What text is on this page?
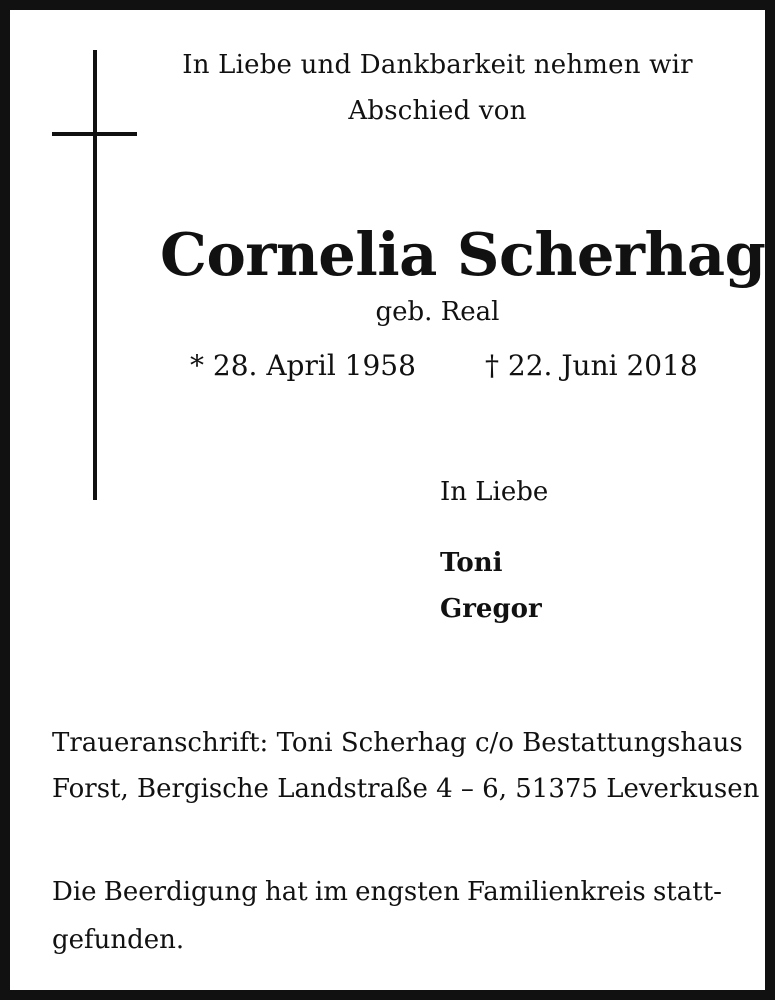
In Liebe und Dankbarkeit nehmen wir
Abschied von
Cornelia Scherhag
geb. Real
* 28. April 1958 † 22. Juni 2018
In Liebe
Toni
Gregor
Traueranschrift: Toni Scherhag c/o Bestattungshaus
Forst, Bergische Landstraße 4 – 6, 51375 Leverkusen
Die Beerdigung hat im engsten Familienkreis statt-
gefunden.
